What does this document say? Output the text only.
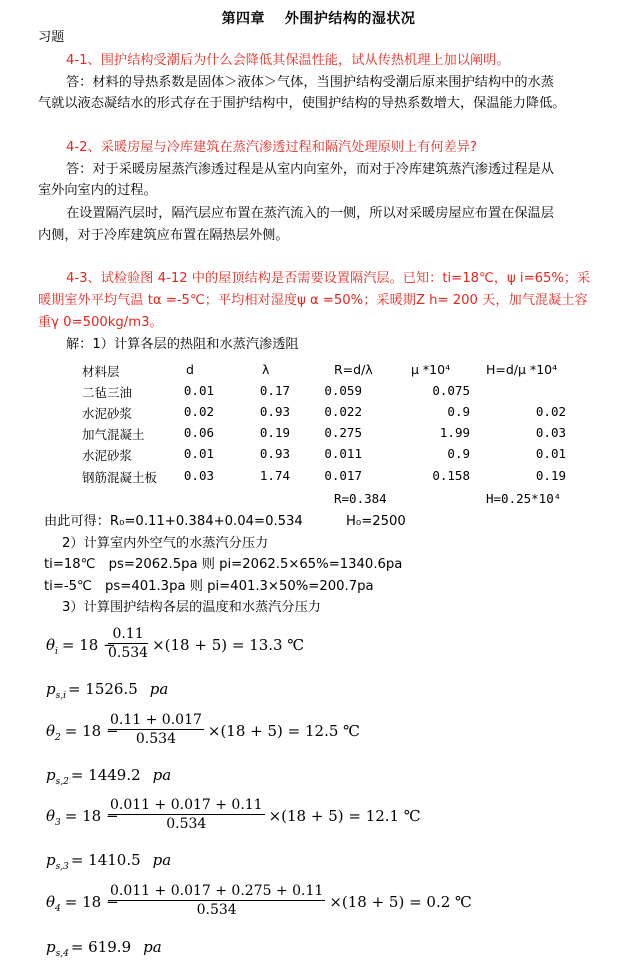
第四章　 外围护结构的湿状况
习题
4-1、围护结构受潮后为什么会降低其保温性能，试从传热机理上加以阐明。
答：材料的导热系数是固体＞液体＞气体，当围护结构受潮后原来围护结构中的水蒸
气就以液态凝结水的形式存在于围护结构中，使围护结构的导热系数增大，保温能力降低。
4-2、采暖房屋与冷库建筑在蒸汽渗透过程和隔汽处理原则上有何差异?
答：对于采暖房屋蒸汽渗透过程是从室内向室外，而对于冷库建筑蒸汽渗透过程是从
室外向室内的过程。
在设置隔汽层时，隔汽层应布置在蒸汽流入的一侧，所以对采暖房屋应布置在保温层
内侧，对于冷库建筑应布置在隔热层外侧。
4-3、试检验图 4-12 中的屋顶结构是否需要设置隔汽层。已知：ti=18℃，ψ i=65%；采
暖期室外平均气温 tα =-5℃；平均相对湿度ψ α =50%；采暖期Z h= 200 天，加气混凝土容
重γ 0=500kg/m3。
解：1）计算各层的热阻和水蒸汽渗透阻
材料层	d	λ	R=d/λ	μ *10⁴	H=d/μ *10⁴
二毡三油	0.01	0.17	0.059	0.075
水泥砂浆	0.02	0.93	0.022	0.9	0.02
加气混凝土	0.06	0.19	0.275	1.99	0.03
水泥砂浆	0.01	0.93	0.011	0.9	0.01
钢筋混凝土板	0.03	1.74	0.017	0.158	0.19
R=0.384	H=0.25*10⁴
由此可得：R₀=0.11+0.384+0.04=0.534	H₀=2500
2）计算室内外空气的水蒸汽分压力
ti=18℃　ps=2062.5pa 则 pi=2062.5×65%=1340.6pa
ti=-5℃　ps=401.3pa 则 pi=401.3×50%=200.7pa
3）计算围护结构各层的温度和水蒸汽分压力
$\theta_i = 18$ −
$\frac{0.11}{0.534} \times(18 + 5) = 13.3$ ℃
$p_{s,i} = 1526.5$ pa
$\theta_2 = 18$ −
$\frac{0.11 + 0.017}{0.534} \times(18 + 5) = 12.5$ ℃
$p_{s,2} = 1449.2$ pa
$\theta_3 = 18$ −
$\frac{0.011 + 0.017 + 0.11}{0.534} \times(18 + 5) = 12.1$ ℃
$p_{s,3} = 1410.5$ pa
$\theta_4 = 18$ −
$\frac{0.011 + 0.017 + 0.275 + 0.11}{0.534} \times(18 + 5) = 0.2$ ℃
$p_{s,4} = 619.9$ pa
